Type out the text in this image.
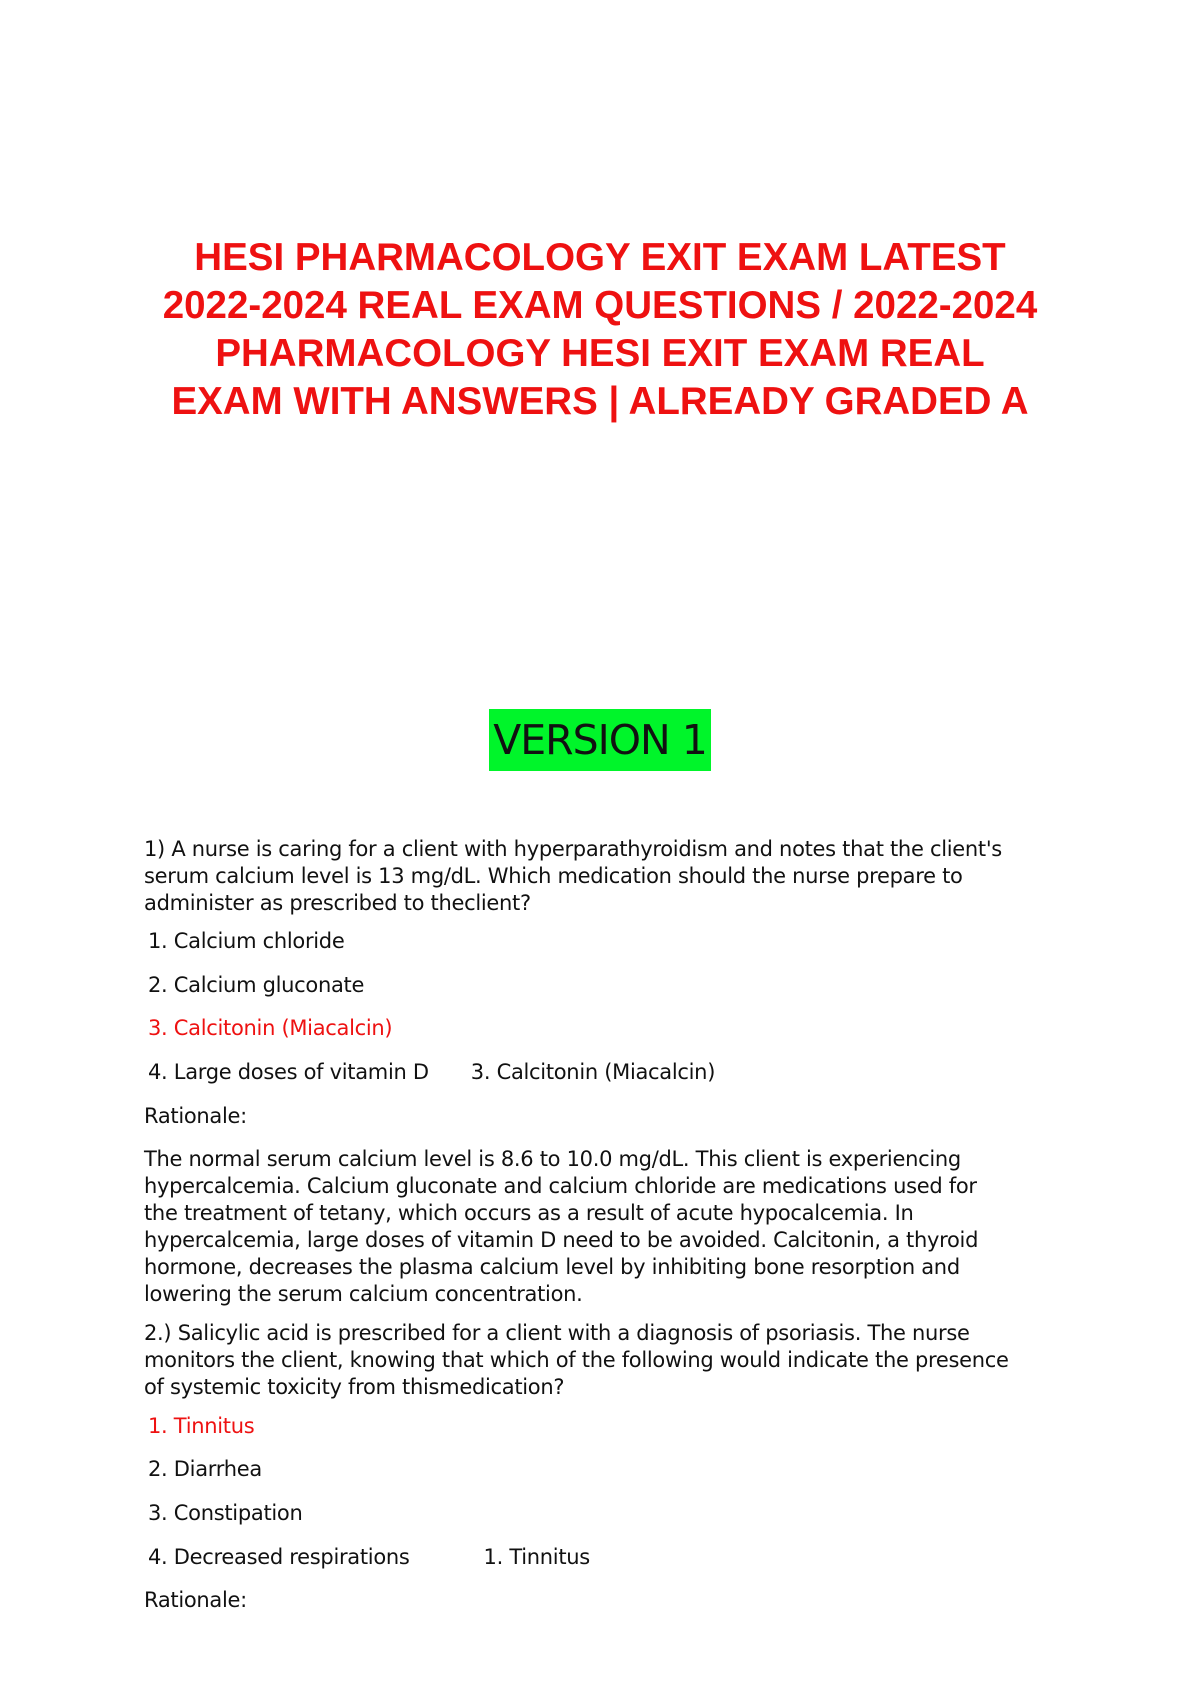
HESI PHARMACOLOGY EXIT EXAM LATEST
2022-2024 REAL EXAM QUESTIONS / 2022-2024
PHARMACOLOGY HESI EXIT EXAM REAL
EXAM WITH ANSWERS | ALREADY GRADED A
VERSION 1
1) A nurse is caring for a client with hyperparathyroidism and notes that the client's
serum calcium level is 13 mg/dL. Which medication should the nurse prepare to
administer as prescribed to theclient?
1. Calcium chloride
2. Calcium gluconate
3. Calcitonin (Miacalcin)
4. Large doses of vitamin D 3. Calcitonin (Miacalcin)
Rationale:
The normal serum calcium level is 8.6 to 10.0 mg/dL. This client is experiencing
hypercalcemia. Calcium gluconate and calcium chloride are medications used for
the treatment of tetany, which occurs as a result of acute hypocalcemia. In
hypercalcemia, large doses of vitamin D need to be avoided. Calcitonin, a thyroid
hormone, decreases the plasma calcium level by inhibiting bone resorption and
lowering the serum calcium concentration.
2.) Salicylic acid is prescribed for a client with a diagnosis of psoriasis. The nurse
monitors the client, knowing that which of the following would indicate the presence
of systemic toxicity from thismedication?
1. Tinnitus
2. Diarrhea
3. Constipation
4. Decreased respirations	1. Tinnitus
Rationale:
